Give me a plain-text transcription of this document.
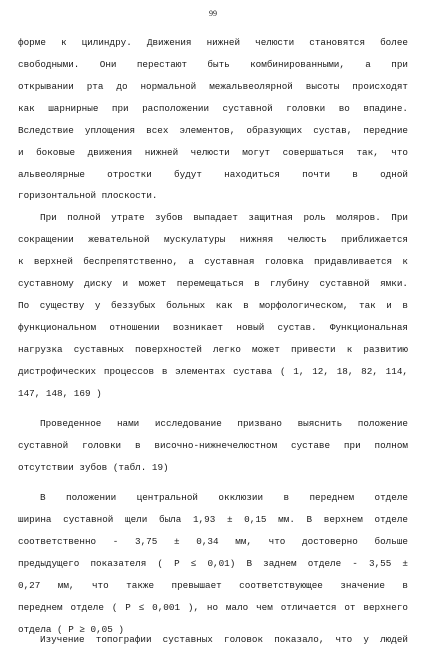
99
форме к цилиндру. Движения нижней челюсти становятся более
свободными. Они перестают быть комбинированными, а при
открывании рта до нормальной межальвеолярной высоты происходят
как шарнирные при расположении суставной головки во впадине.
Вследствие уплощения всех элементов, образующих сустав, передние
и боковые движения нижней челюсти могут совершаться так, что
альвеолярные отростки будут находиться почти в одной
горизонтальной плоскости.
При полной утрате зубов выпадает защитная роль моляров. При
сокращении жевательной мускулатуры нижняя челюсть приближается
к верхней беспрепятственно, а суставная головка придавливается к
суставному диску и может перемещаться в глубину суставной ямки.
По существу у беззубых больных как в морфологическом, так и в
функциональном отношении возникает новый сустав. Функциональная
нагрузка суставных поверхностей легко может привести к развитию
дистрофических процессов в элементах сустава ( 1, 12, 18, 82, 114,
147, 148, 169 )
Проведенное нами исследование призвано выяснить положение
суставной головки в височно-нижнечелюстном суставе при полном
отсутствии зубов (табл. 19)
В положении центральной окклюзии в переднем отделе
ширина суставной щели была 1,93 ± 0,15 мм. В верхнем отделе
соответственно - 3,75 ± 0,34 мм, что достоверно больше
предыдущего показателя ( P ≤ 0,01) В заднем отделе - 3,55 ±
0,27 мм, что также превышает соответствующее значение в
переднем отделе ( P ≤ 0,001 ), но мало чем отличается от верхнего
отдела ( P ≥ 0,05 )
Изучение топографии суставных головок показало, что у людей
